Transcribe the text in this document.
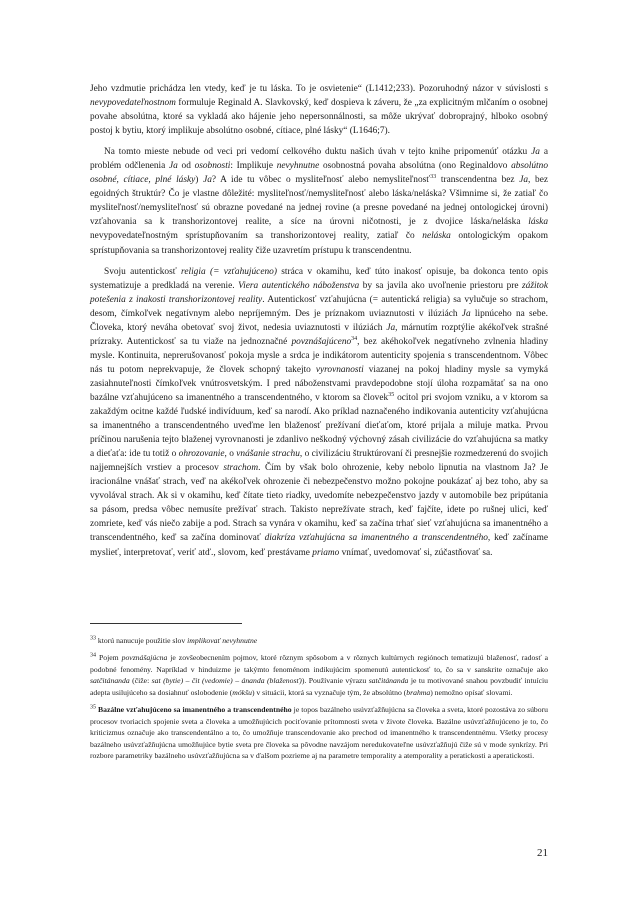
Jeho vzdmutie prichádza len vtedy, keď je tu láska. To je osvietenie“ (L1412;233). Pozoruhodný názor v súvislosti s nevypovedateľnostnom formuluje Reginald A. Slavkovský, keď dospieva k záveru, že „za explicitným mlčaním o osobnej povahe absolútna, ktoré sa vykladá ako hájenie jeho nepersonnálnosti, sa môže ukrývať dobroprajný, hlboko osobný postoj k bytiu, ktorý implikuje absolútno osobné, cítiace, plné lásky“ (L1646;7).

Na tomto mieste nebude od veci pri vedomí celkového duktu našich úvah v tejto knihe pripomenúť otázku Ja a problém odčlenenia Ja od osobnosti: Implikuje nevyhnutne osobnostná povaha absolútna (ono Reginaldovo absolútno osobné, cítiace, plné lásky) Ja? A ide tu vôbec o mysliteľnosť alebo nemysliteľnosť$^{33}$ transcendentna bez Ja, bez egoidných štruktúr? Čo je vlastne dôležité: mysliteľnosť/nemysliteľnosť alebo láska/neláska? Všimnime si, že zatiaľ čo mysliteľnosť/nemysliteľnosť sú obrazne povedané na jednej rovine (a presne povedané na jednej ontologickej úrovni) vzťahovania sa k transhorizontovej realite, a síce na úrovni ničotnosti, je z dvojice láska/neláska láska nevypovedateľnostným sprístupňovaním sa transhorizontovej reality, zatiaľ čo neláska ontologickým opakom sprístupňovania sa transhorizontovej reality čiže uzavretím prístupu k transcendentnu.

Svoju autentickosť religia (= vzťahujúceno) stráca v okamihu, keď túto inakosť opisuje, ba dokonca tento opis systematizuje a predkladá na verenie. Viera autentického náboženstva by sa javila ako uvoľnenie priestoru pre zážitok potešenia z inakosti transhorizontovej reality. Autentickosť vzťahujúcna (= autentická religia) sa vylučuje so strachom, desom, čímkoľvek negatívnym alebo nepríjemným. Des je príznakom uviaznutosti v ilúziách Ja lipnúceho na sebe. Človeka, ktorý neváha obetovať svoj život, nedesia uviaznutosti v ilúziách Ja, márnutím rozptýlie akékoľvek strašné prízraky. Autentickosť sa tu viaže na jednoznačné povznášajúceno$^{34}$, bez akéhokoľvek negatívneho zvlnenia hladiny mysle. Kontinuita, neprerušovanosť pokoja mysle a srdca je indikátorom autenticity spojenia s transcendentnom. Vôbec nás tu potom neprekvapuje, že človek schopný takejto vyrovnanosti viazanej na pokoj hladiny mysle sa vymyká zasiahnuteľnosti čímkoľvek vnútrosvetským. I pred náboženstvami pravdepodobne stojí úloha rozpamätať sa na ono bazálne vzťahujúceno sa imanentného a transcendentného, v ktorom sa človek$^{35}$ ocitol pri svojom vzniku, a v ktorom sa zakaždým ocitne každé ľudské indivíduum, keď sa narodí. Ako príklad naznačeného indikovania autenticity vzťahujúcna sa imanentného a transcendentného uveďme len blaženosť prežívaní dieťaťom, ktoré prijala a miluje matka. Prvou príčinou narušenia tejto blaženej vyrovnanosti je zdanlivo neškodný výchovný zásah civilizácie do vzťahujúcna sa matky a dieťaťa: ide tu totiž o ohrozovanie, o vnášanie strachu, o civilizáciu štruktúrovaní či presnejšie rozmedzerenú do svojich najjemnejších vrstiev a procesov strachom. Čím by však bolo ohrozenie, keby nebolo lipnutia na vlastnom Ja? Je iracionálne vnášať strach, veď na akékoľvek ohrozenie či nebezpečenstvo možno pokojne poukázať aj bez toho, aby sa vyvolával strach. Ak si v okamihu, keď čítate tieto riadky, uvedomíte nebezpečenstvo jazdy v automobile bez pripútania sa pásom, predsa vôbec nemusíte prežívať strach. Takisto neprežívate strach, keď fajčíte, idete po rušnej ulici, keď zomriete, keď vás niečo zabije a pod. Strach sa vynára v okamihu, keď sa začína trhať sieť vzťahujúcna sa imanentného a transcendentného, keď sa začína dominovať diakríza vzťahujúcna sa imanentného a transcendentného, keď začíname myslieť, interpretovať, veriť atď., slovom, keď prestávame priamo vnímať, uvedomovať si, zúčastňovať sa.

$^{33}$ ktorú nanucuje použitie slov implikovať nevyhnutne

$^{34}$ Pojem povznášajúcna je zovšeobecnením pojmov, ktoré rôznym spôsobom a v rôznych kultúrnych regiónoch tematizujú blaženosť, radosť a podobné fenomény. Napríklad v hinduizme je takýmto fenoménom indikujúcim spomenutú autentickosť to, čo sa v sanskrite označuje ako satčitánanda (čiže: sat (bytie) – čit (vedomie) – ánanda (blaženosť)). Používanie výrazu satčitánanda je tu motivované snahou povzbudiť intuíciu adepta usilujúceho sa dosiahnuť oslobodenie (mókšu) v situácii, ktorá sa vyznačuje tým, že absolútno (brahma) nemožno opísať slovami.

$^{35}$ Bazálne vzťahujúceno sa imanentného a transcendentného je topos bazálneho usúvzťažňujúcna sa človeka a sveta, ktoré pozostáva zo súboru procesov tvoriacich spojenie sveta a človeka a umožňujúcich pociťovanie prítomnosti sveta v živote človeka. Bazálne usúvzťažňujúceno je to, čo kriticizmus označuje ako transcendentálno a to, čo umožňuje transcendovanie ako prechod od imanentného k transcendentnému. Všetky procesy bazálneho usúvzťažňujúcna umožňujúce bytie sveta pre človeka sa pôvodne navzájom neredukovateľne usúvzťažňujú čiže sú v mode synkrízy. Pri rozbore parametriky bazálneho usúvzťažňujúcna sa v ďalšom pozrieme aj na parametre temporality a atemporality a peratickosti a aperatickosti.

21
